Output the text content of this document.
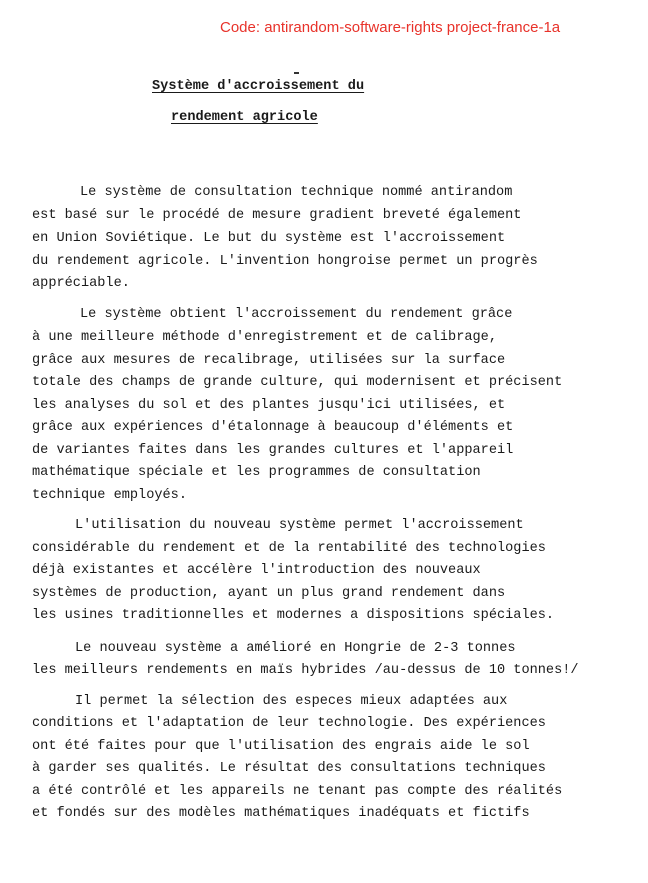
Code: antirandom-software-rights project-france-1a
Système d'accroissement du
rendement agricole
Le système de consultation technique nommé antirandom
est basé sur le procédé de mesure gradient breveté également
en Union Soviétique. Le but du système est l'accroissement
du rendement agricole. L'invention hongroise permet un progrès
appréciable.
Le système obtient l'accroissement du rendement grâce
à une meilleure méthode d'enregistrement et de calibrage,
grâce aux mesures de recalibrage, utilisées sur la surface
totale des champs de grande culture, qui modernisent et précisent
les analyses du sol et des plantes jusqu'ici utilisées, et
grâce aux expériences d'étalonnage à beaucoup d'éléments et
de variantes faites dans les grandes cultures et l'appareil
mathématique spéciale et les programmes de consultation
technique employés.
L'utilisation du nouveau système permet l'accroissement
considérable du rendement et de la rentabilité des technologies
déjà existantes et accélère l'introduction des nouveaux
systèmes de production, ayant un plus grand rendement dans
les usines traditionnelles et modernes a dispositions spéciales.
Le nouveau système a amélioré en Hongrie de 2-3 tonnes
les meilleurs rendements en maïs hybrides /au-dessus de 10 tonnes!/
Il permet la sélection des especes mieux adaptées aux
conditions et l'adaptation de leur technologie. Des expériences
ont été faites pour que l'utilisation des engrais aide le sol
à garder ses qualités. Le résultat des consultations techniques
a été contrôlé et les appareils ne tenant pas compte des réalités
et fondés sur des modèles mathématiques inadéquats et fictifs
